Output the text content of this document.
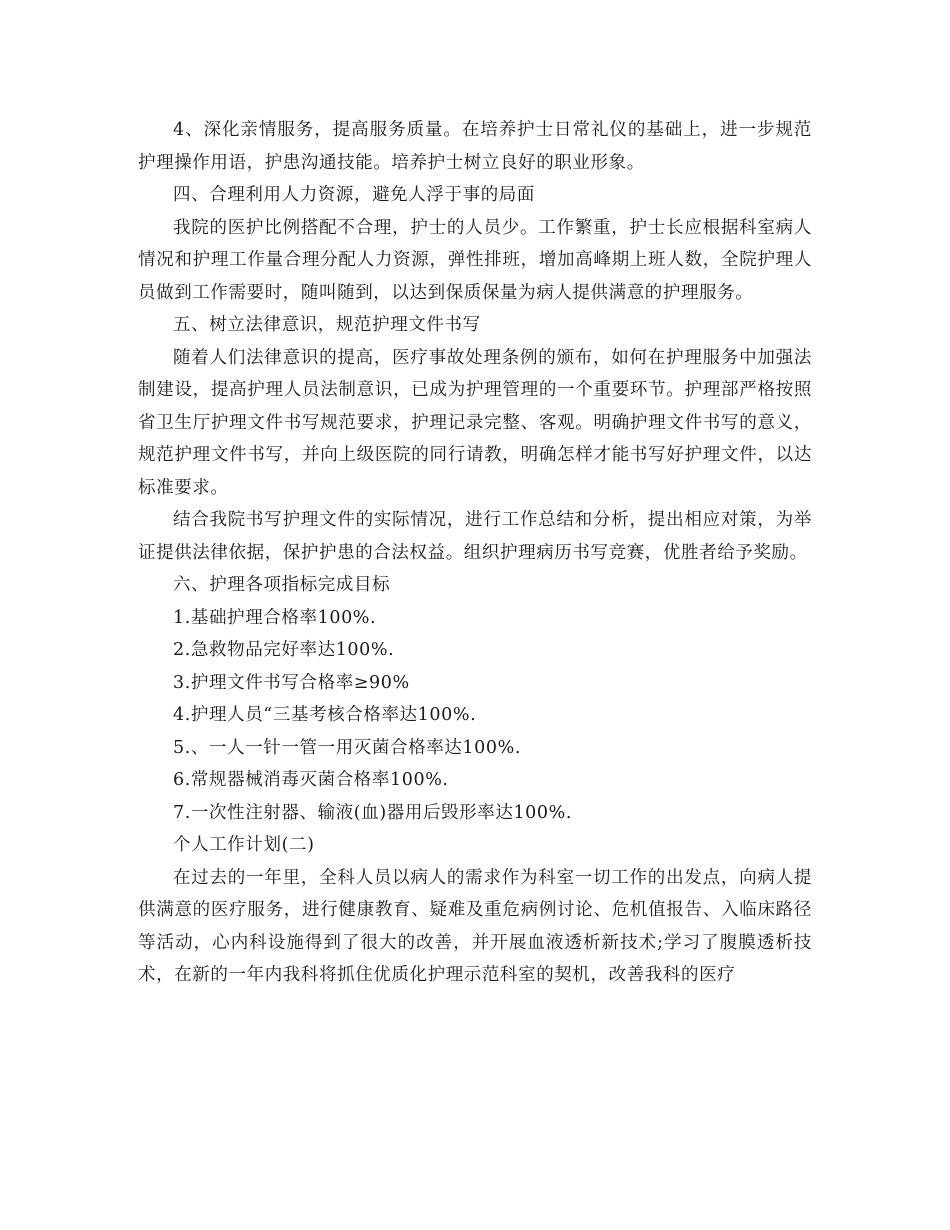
4、深化亲情服务，提高服务质量。在培养护士日常礼仪的基础上，进一步规范护理操作用语，护患沟通技能。培养护士树立良好的职业形象。

四、合理利用人力资源，避免人浮于事的局面

我院的医护比例搭配不合理，护士的人员少。工作繁重，护士长应根据科室病人情况和护理工作量合理分配人力资源，弹性排班，增加高峰期上班人数，全院护理人员做到工作需要时，随叫随到，以达到保质保量为病人提供满意的护理服务。

五、树立法律意识，规范护理文件书写

随着人们法律意识的提高，医疗事故处理条例的颁布，如何在护理服务中加强法制建设，提高护理人员法制意识，已成为护理管理的一个重要环节。护理部严格按照省卫生厅护理文件书写规范要求，护理记录完整、客观。明确护理文件书写的意义，规范护理文件书写，并向上级医院的同行请教，明确怎样才能书写好护理文件，以达标准要求。

结合我院书写护理文件的实际情况，进行工作总结和分析，提出相应对策，为举证提供法律依据，保护护患的合法权益。组织护理病历书写竞赛，优胜者给予奖励。

六、护理各项指标完成目标

1.基础护理合格率100%.

2.急救物品完好率达100%.

3.护理文件书写合格率≥90%

4.护理人员“三基考核合格率达100%.

5.、一人一针一管一用灭菌合格率达100%.

6.常规器械消毒灭菌合格率100%.

7.一次性注射器、输液(血)器用后毁形率达100%.

个人工作计划(二)

在过去的一年里，全科人员以病人的需求作为科室一切工作的出发点，向病人提供满意的医疗服务，进行健康教育、疑难及重危病例讨论、危机值报告、入临床路径等活动，心内科设施得到了很大的改善，并开展血液透析新技术;学习了腹膜透析技术，在新的一年内我科将抓住优质化护理示范科室的契机，改善我科的医疗
